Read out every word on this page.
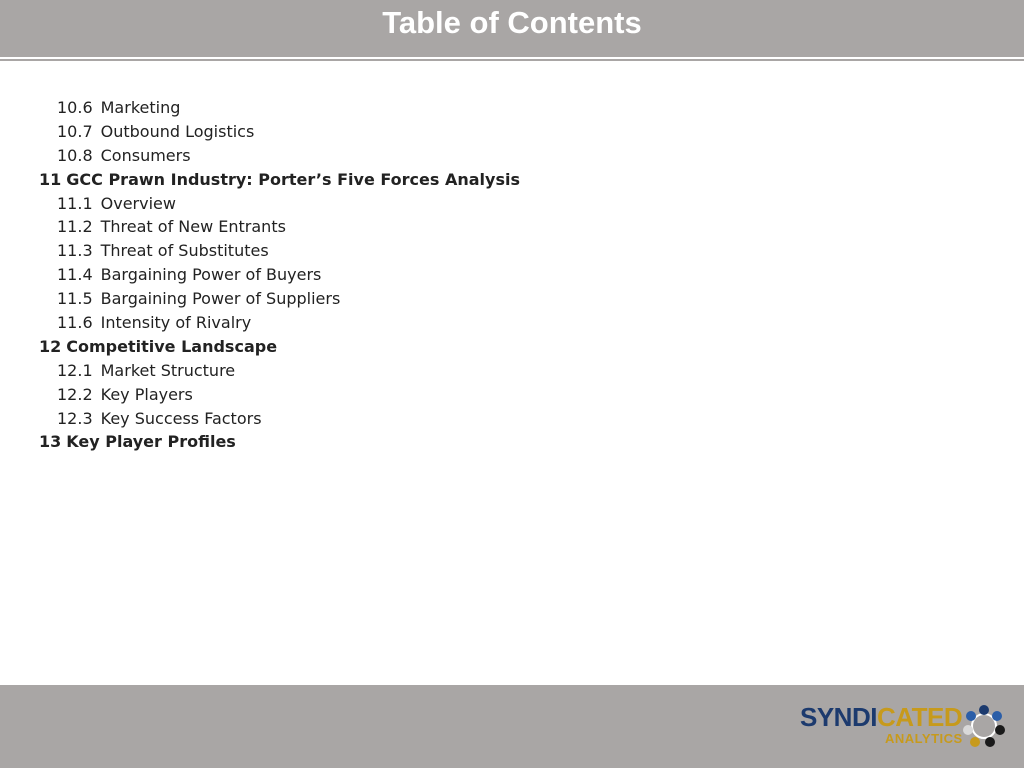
Table of Contents
10.6 Marketing
10.7 Outbound Logistics
10.8 Consumers
11 GCC Prawn Industry: Porter’s Five Forces Analysis
11.1 Overview
11.2 Threat of New Entrants
11.3 Threat of Substitutes
11.4 Bargaining Power of Buyers
11.5 Bargaining Power of Suppliers
11.6 Intensity of Rivalry
12 Competitive Landscape
12.1 Market Structure
12.2 Key Players
12.3 Key Success Factors
13 Key Player Profiles
SYNDICATED
ANALYTICS
